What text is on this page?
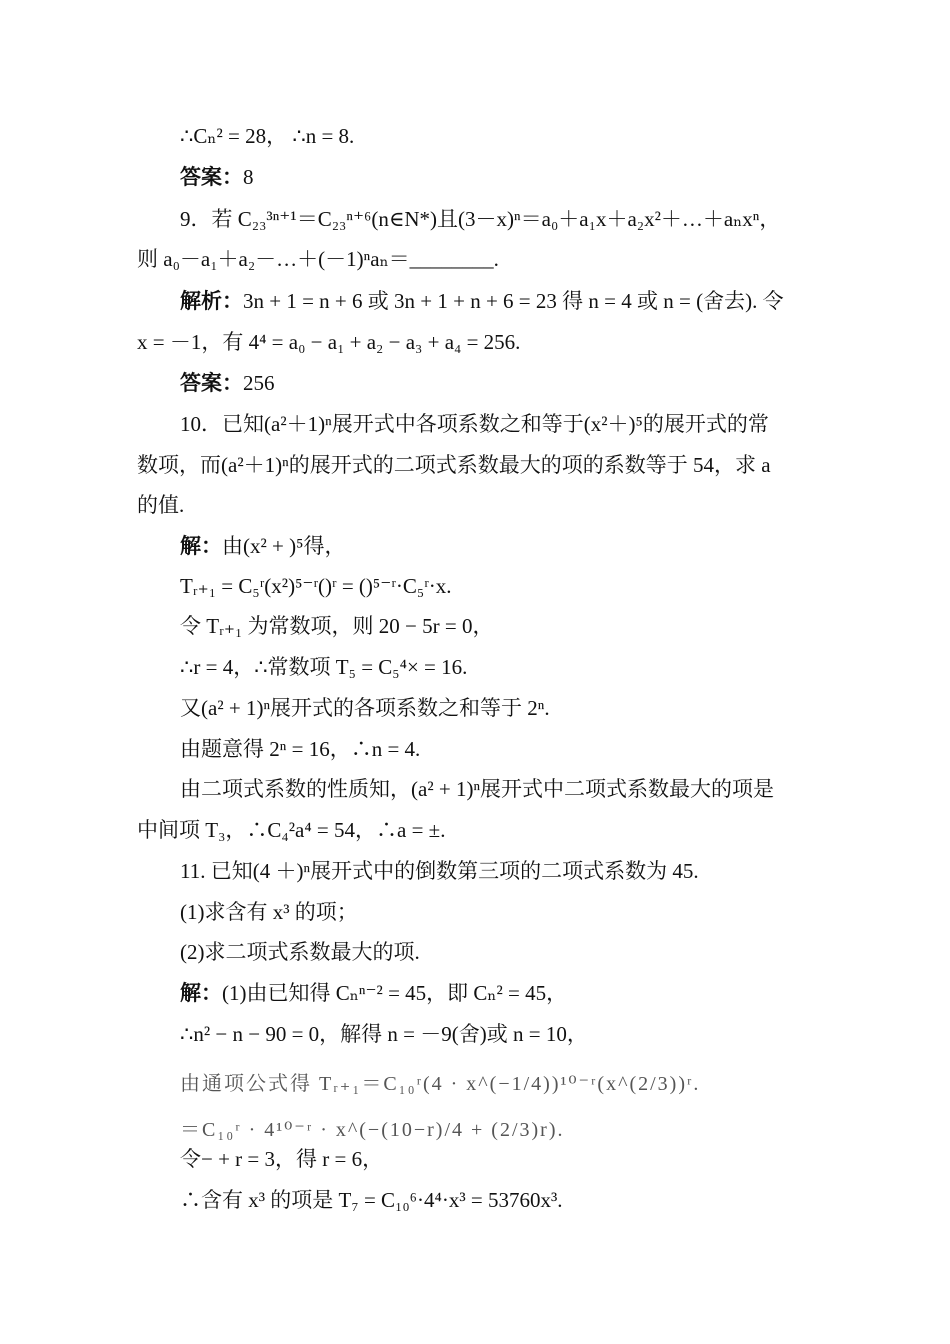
∴Cₙ² = 28， ∴n = 8.
答案：8
9．若 C₂₃³ⁿ⁺¹＝C₂₃ⁿ⁺⁶(n∈N*)且(3－x)ⁿ＝a₀＋a₁x＋a₂x²＋…＋aₙxⁿ，
则 a₀－a₁＋a₂－…＋(－1)ⁿaₙ＝________.
解析：3n + 1 = n + 6 或 3n + 1 + n + 6 = 23 得 n = 4 或 n = (舍去). 令
x = －1，有 4⁴ = a₀ − a₁ + a₂ − a₃ + a₄ = 256.
答案：256
10．已知(a²＋1)ⁿ展开式中各项系数之和等于(x²＋)⁵的展开式的常
数项，而(a²＋1)ⁿ的展开式的二项式系数最大的项的系数等于 54，求 a
的值.
解：由(x² + )⁵得，
Tᵣ₊₁ = C₅ʳ(x²)⁵⁻ʳ()ʳ = ()⁵⁻ʳ·C₅ʳ·x.
令 Tᵣ₊₁ 为常数项，则 20 − 5r = 0，
∴r = 4，∴常数项 T₅ = C₅⁴× = 16.
又(a² + 1)ⁿ展开式的各项系数之和等于 2ⁿ.
由题意得 2ⁿ = 16，∴n = 4.
由二项式系数的性质知，(a² + 1)ⁿ展开式中二项式系数最大的项是
中间项 T₃，∴C₄²a⁴ = 54，∴a = ±.
11. 已知(4 ＋)ⁿ展开式中的倒数第三项的二项式系数为 45.
(1)求含有 x³ 的项；
(2)求二项式系数最大的项.
解：(1)由已知得 Cₙⁿ⁻² = 45，即 Cₙ² = 45，
∴n² − n − 90 = 0，解得 n = －9(舍)或 n = 10，
由通项公式得 Tᵣ₊₁＝C₁₀ʳ(4 · x^(−1/4))¹⁰⁻ʳ(x^(2/3))ʳ.
＝C₁₀ʳ · 4¹⁰⁻ʳ · x^(−(10−r)/4 + (2/3)r).
令− + r = 3，得 r = 6，
∴含有 x³ 的项是 T₇ = C₁₀⁶·4⁴·x³ = 53760x³.
